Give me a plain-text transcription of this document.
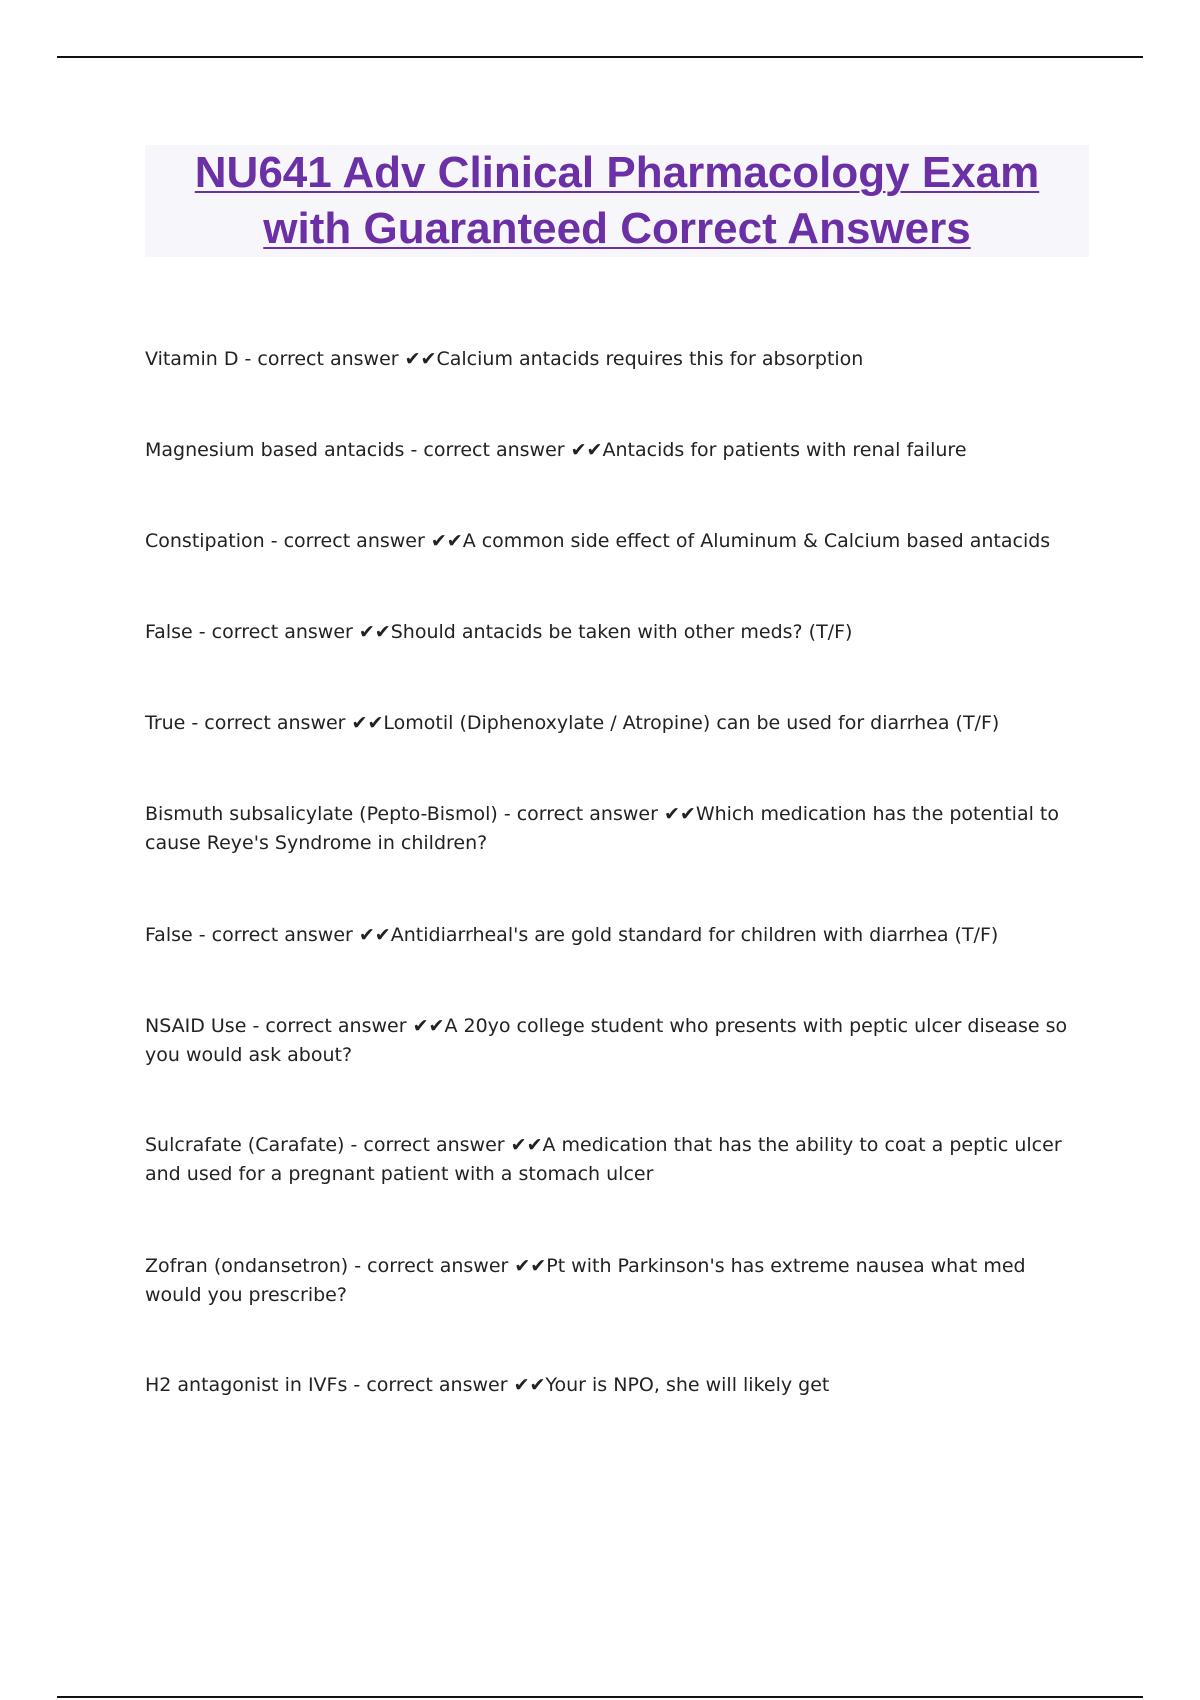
NU641 Adv Clinical Pharmacology Exam with Guaranteed Correct Answers

Vitamin D - correct answer ✔✔Calcium antacids requires this for absorption

Magnesium based antacids - correct answer ✔✔Antacids for patients with renal failure

Constipation - correct answer ✔✔A common side effect of Aluminum & Calcium based antacids

False - correct answer ✔✔Should antacids be taken with other meds? (T/F)

True - correct answer ✔✔Lomotil (Diphenoxylate / Atropine) can be used for diarrhea (T/F)

Bismuth subsalicylate (Pepto-Bismol) - correct answer ✔✔Which medication has the potential to cause Reye's Syndrome in children?

False - correct answer ✔✔Antidiarrheal's are gold standard for children with diarrhea (T/F)

NSAID Use - correct answer ✔✔A 20yo college student who presents with peptic ulcer disease so you would ask about?

Sulcrafate (Carafate) - correct answer ✔✔A medication that has the ability to coat a peptic ulcer and used for a pregnant patient with a stomach ulcer

Zofran (ondansetron) - correct answer ✔✔Pt with Parkinson's has extreme nausea what med would you prescribe?

H2 antagonist in IVFs - correct answer ✔✔Your is NPO, she will likely get
